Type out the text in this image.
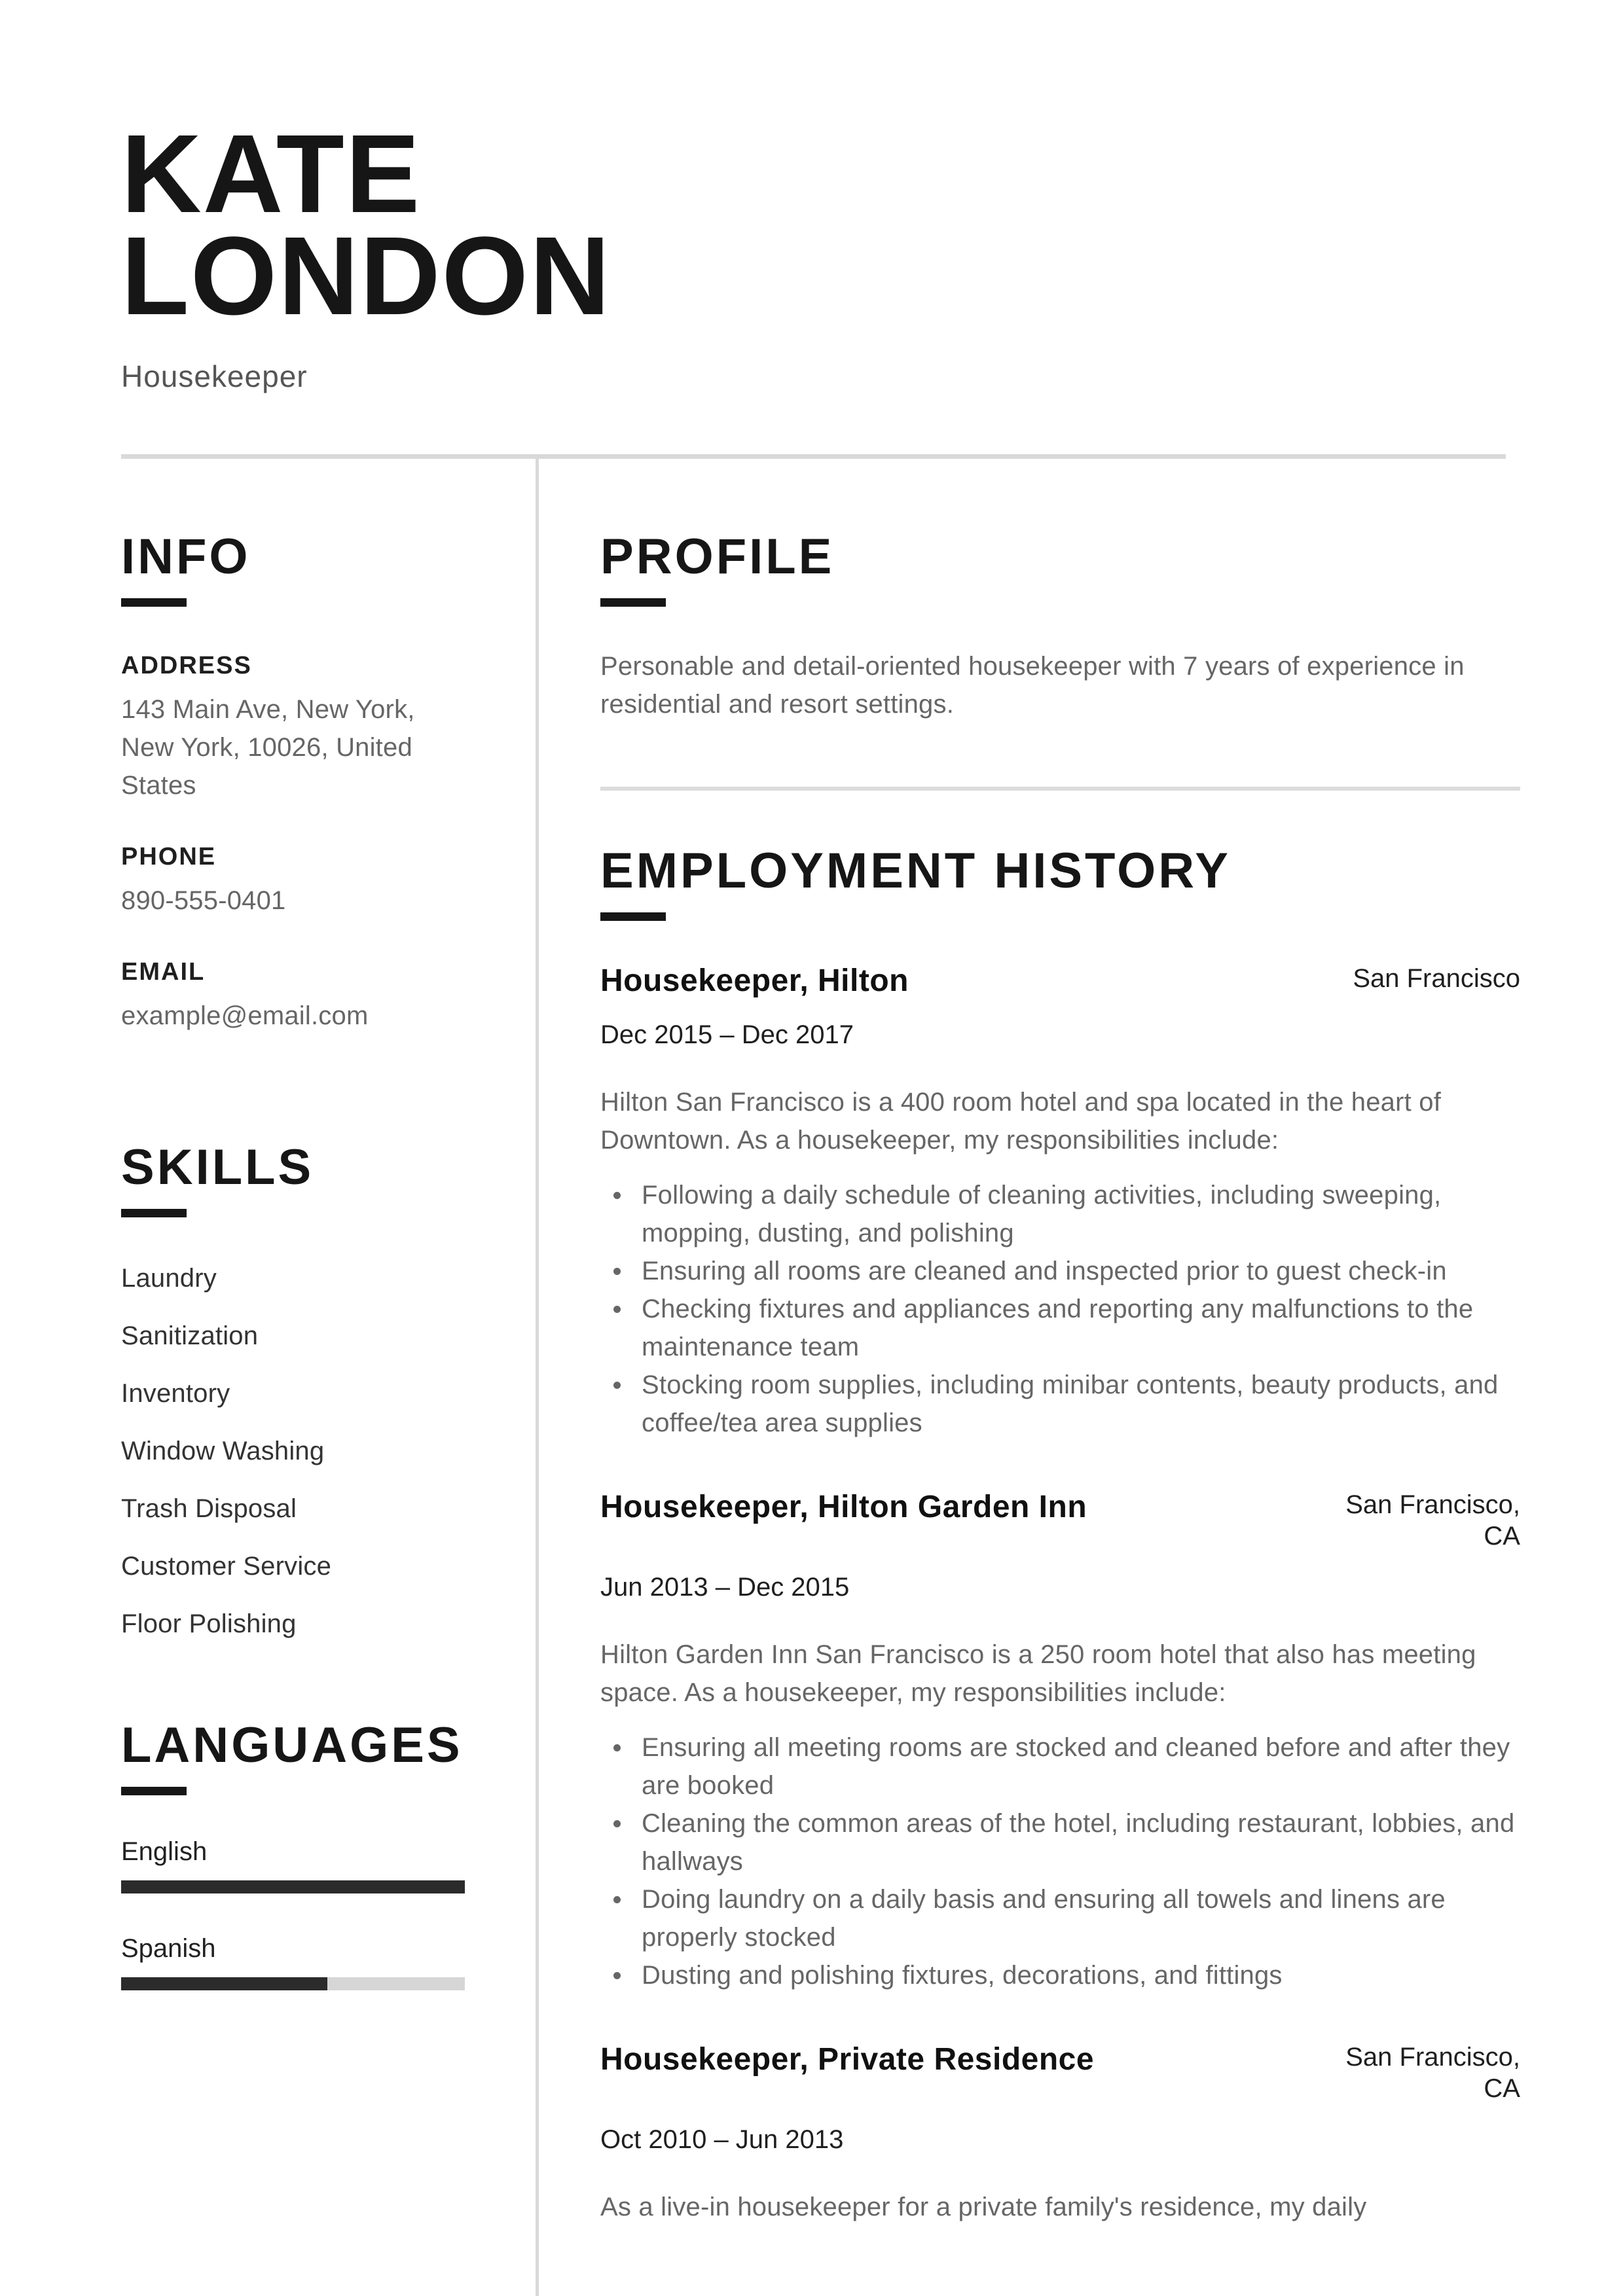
KATE LONDON
Housekeeper
INFO
ADDRESS
143 Main Ave, New York, New York, 10026, United States
PHONE
890-555-0401
EMAIL
example@email.com
SKILLS
Laundry
Sanitization
Inventory
Window Washing
Trash Disposal
Customer Service
Floor Polishing
LANGUAGES
English
Spanish
PROFILE

Personable and detail-oriented housekeeper with 7 years of experience in residential and resort settings.

EMPLOYMENT HISTORY
Housekeeper, Hilton	San Francisco
Dec 2015 – Dec 2017

Hilton San Francisco is a 400 room hotel and spa located in the heart of Downtown. As a housekeeper, my responsibilities include:

Following a daily schedule of cleaning activities, including sweeping, mopping, dusting, and polishing
Ensuring all rooms are cleaned and inspected prior to guest check-in
Checking fixtures and appliances and reporting any malfunctions to the maintenance team
Stocking room supplies, including minibar contents, beauty products, and coffee/tea area supplies
Housekeeper, Hilton Garden Inn	San Francisco, CA
Jun 2013 – Dec 2015

Hilton Garden Inn San Francisco is a 250 room hotel that also has meeting space. As a housekeeper, my responsibilities include:

Ensuring all meeting rooms are stocked and cleaned before and after they are booked
Cleaning the common areas of the hotel, including restaurant, lobbies, and hallways
Doing laundry on a daily basis and ensuring all towels and linens are properly stocked
Dusting and polishing fixtures, decorations, and fittings
Housekeeper, Private Residence	San Francisco, CA
Oct 2010 – Jun 2013

As a live-in housekeeper for a private family's residence, my daily
